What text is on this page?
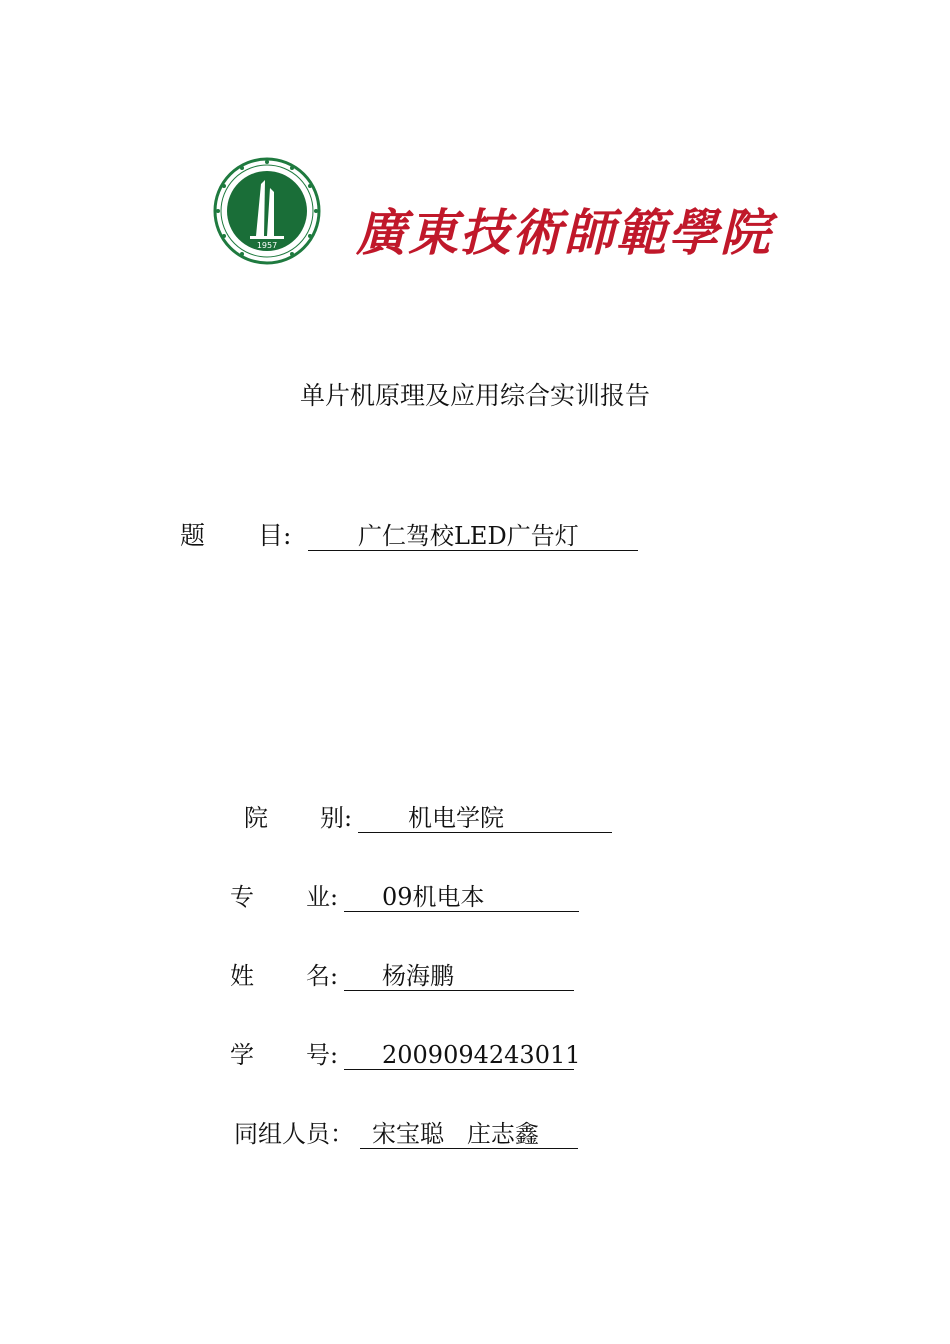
1957 廣東技術師範學院
单片机原理及应用综合实训报告
题 目:	广仁驾校LED广告灯
院 别:	机电学院
专 业:	09机电本
姓 名:	杨海鹏
学 号:	2009094243011
同组人员： 宋宝聪   庄志鑫
